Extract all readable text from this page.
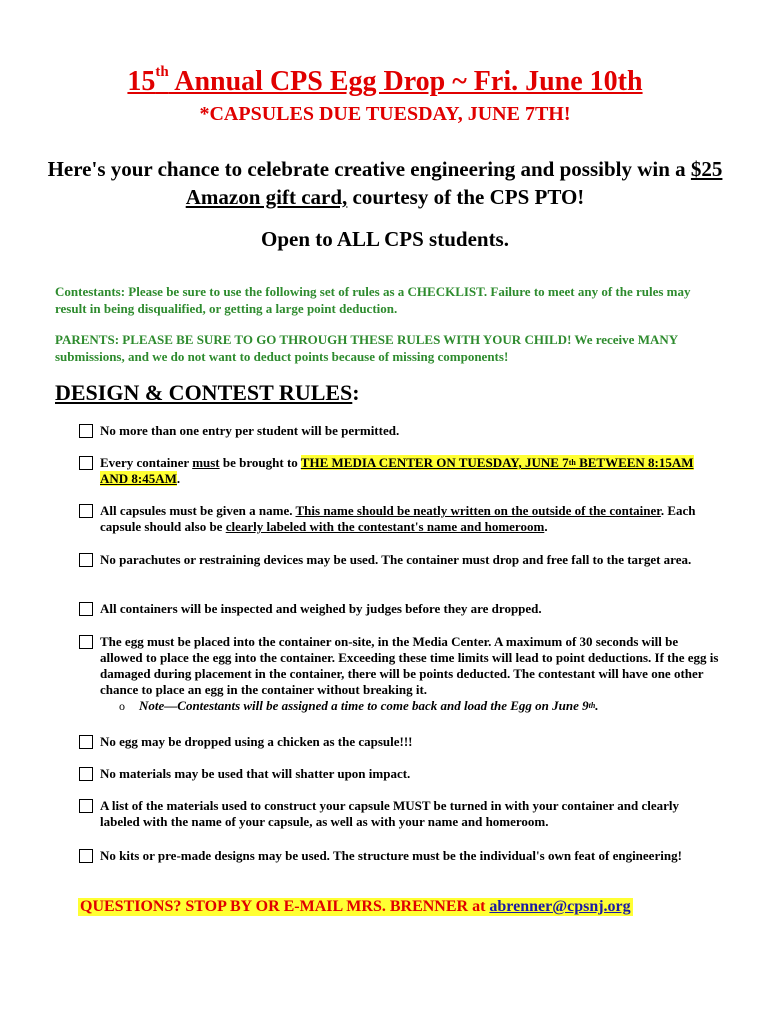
15th Annual CPS Egg Drop ~ Fri. June 10th
*CAPSULES DUE TUESDAY, JUNE 7TH!
Here's your chance to celebrate creative engineering and possibly win a $25 Amazon gift card, courtesy of the CPS PTO!
Open to ALL CPS students.
Contestants: Please be sure to use the following set of rules as a CHECKLIST. Failure to meet any of the rules may result in being disqualified, or getting a large point deduction.
PARENTS: PLEASE BE SURE TO GO THROUGH THESE RULES WITH YOUR CHILD! We receive MANY submissions, and we do not want to deduct points because of missing components!
DESIGN & CONTEST RULES:
No more than one entry per student will be permitted.
Every container must be brought to THE MEDIA CENTER ON TUESDAY, JUNE 7th BETWEEN 8:15AM AND 8:45AM.
All capsules must be given a name. This name should be neatly written on the outside of the container. Each capsule should also be clearly labeled with the contestant's name and homeroom.
No parachutes or restraining devices may be used. The container must drop and free fall to the target area.
All containers will be inspected and weighed by judges before they are dropped.
The egg must be placed into the container on-site, in the Media Center. A maximum of 30 seconds will be allowed to place the egg into the container. Exceeding these time limits will lead to point deductions. If the egg is damaged during placement in the container, there will be points deducted. The contestant will have one other chance to place an egg in the container without breaking it.
o Note—Contestants will be assigned a time to come back and load the Egg on June 9th.
No egg may be dropped using a chicken as the capsule!!!
No materials may be used that will shatter upon impact.
A list of the materials used to construct your capsule MUST be turned in with your container and clearly labeled with the name of your capsule, as well as with your name and homeroom.
No kits or pre-made designs may be used. The structure must be the individual's own feat of engineering!
QUESTIONS? STOP BY OR E-MAIL MRS. BRENNER at abrenner@cpsnj.org
